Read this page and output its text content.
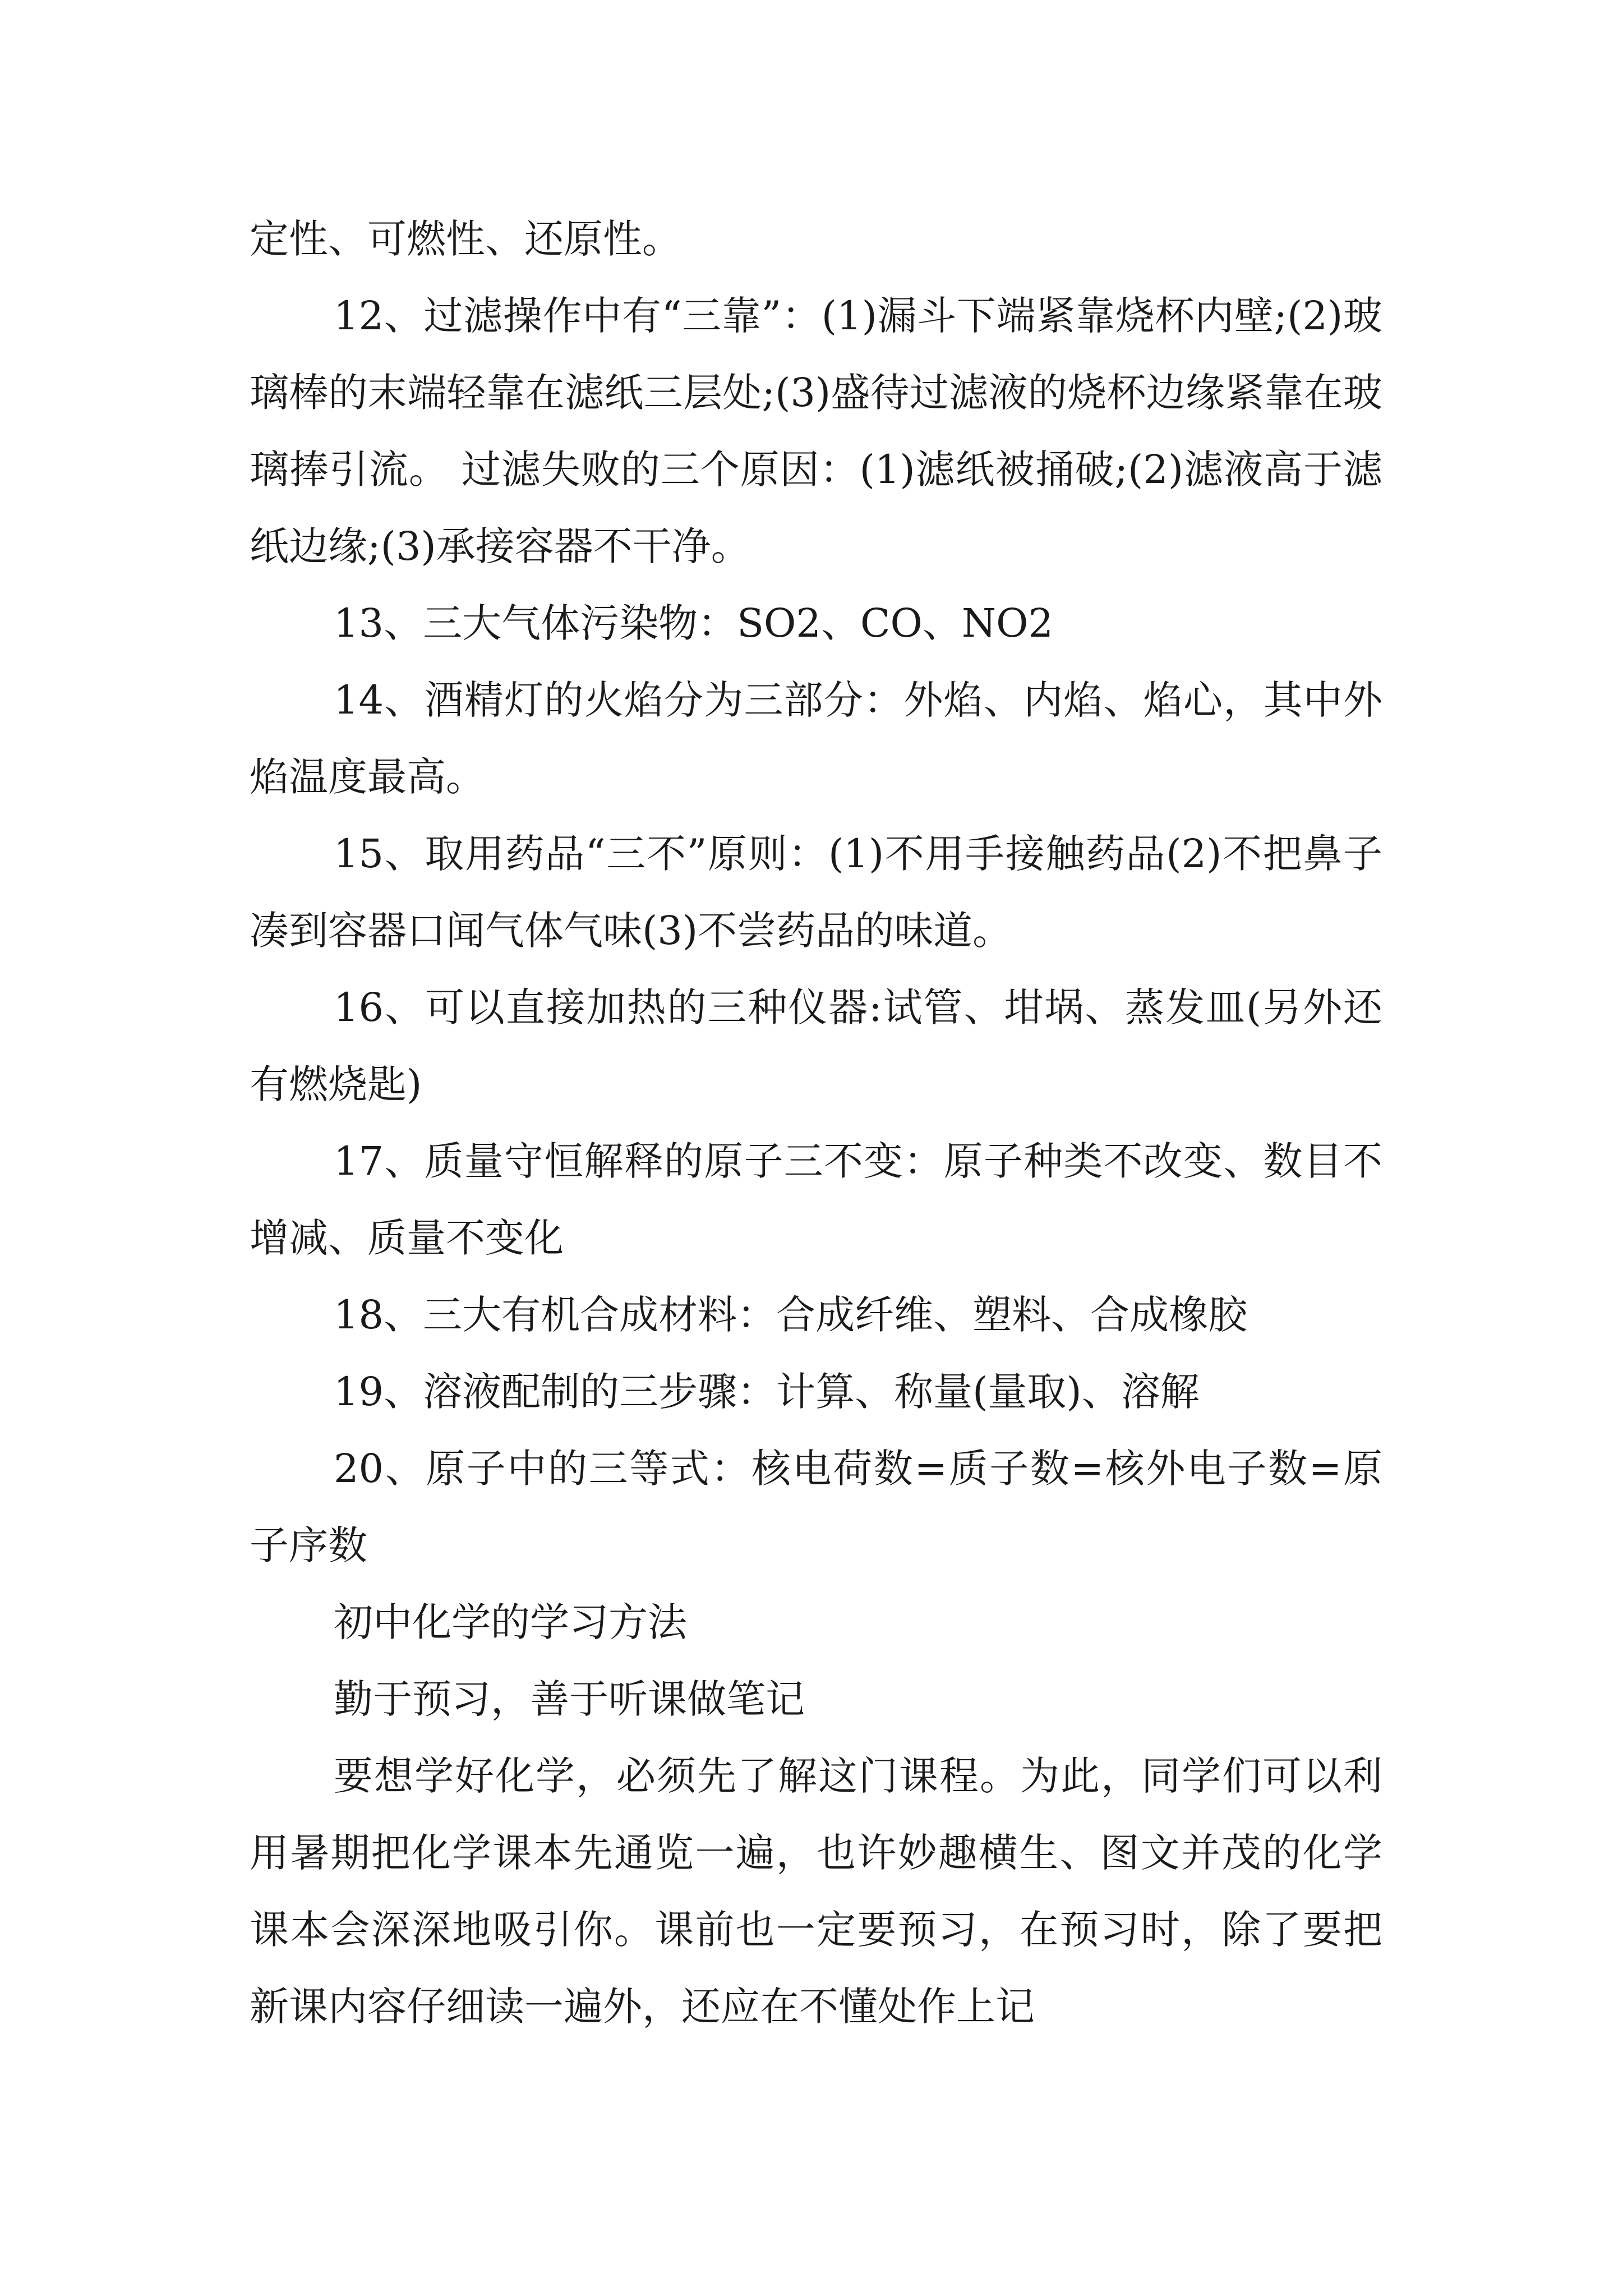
定性、可燃性、还原性。

12、过滤操作中有“三靠”：(1)漏斗下端紧靠烧杯内壁;(2)玻璃棒的末端轻靠在滤纸三层处;(3)盛待过滤液的烧杯边缘紧靠在玻璃捧引流。 过滤失败的三个原因：(1)滤纸被捅破;(2)滤液高于滤纸边缘;(3)承接容器不干净。

13、三大气体污染物：SO2、CO、NO2

14、酒精灯的火焰分为三部分：外焰、内焰、焰心，其中外焰温度最高。

15、取用药品“三不”原则：(1)不用手接触药品(2)不把鼻子凑到容器口闻气体气味(3)不尝药品的味道。

16、可以直接加热的三种仪器:试管、坩埚、蒸发皿(另外还有燃烧匙)

17、质量守恒解释的原子三不变：原子种类不改变、数目不增减、质量不变化

18、三大有机合成材料：合成纤维、塑料、合成橡胶

19、溶液配制的三步骤：计算、称量(量取)、溶解

20、原子中的三等式：核电荷数=质子数=核外电子数=原子序数

初中化学的学习方法

勤于预习，善于听课做笔记

要想学好化学，必须先了解这门课程。为此，同学们可以利用暑期把化学课本先通览一遍，也许妙趣横生、图文并茂的化学课本会深深地吸引你。课前也一定要预习，在预习时，除了要把新课内容仔细读一遍外，还应在不懂处作上记
